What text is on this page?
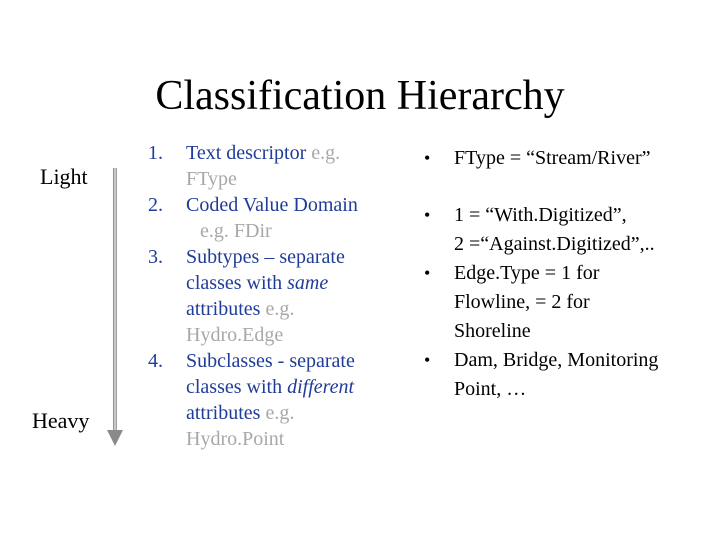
Classification Hierarchy
Light
Heavy
1.	Text descriptor e.g.
FType
2.	Coded Value Domain
e.g. FDir
3.	Subtypes – separate
classes with same
attributes e.g.
Hydro.Edge
4.	Subclasses - separate
classes with different
attributes e.g.
Hydro.Point
•	FType = “Stream/River”
•	1 = “With.Digitized”,
2 =“Against.Digitized”,..
•	Edge.Type = 1 for
Flowline, = 2 for
Shoreline
•	Dam, Bridge, Monitoring
Point, …
